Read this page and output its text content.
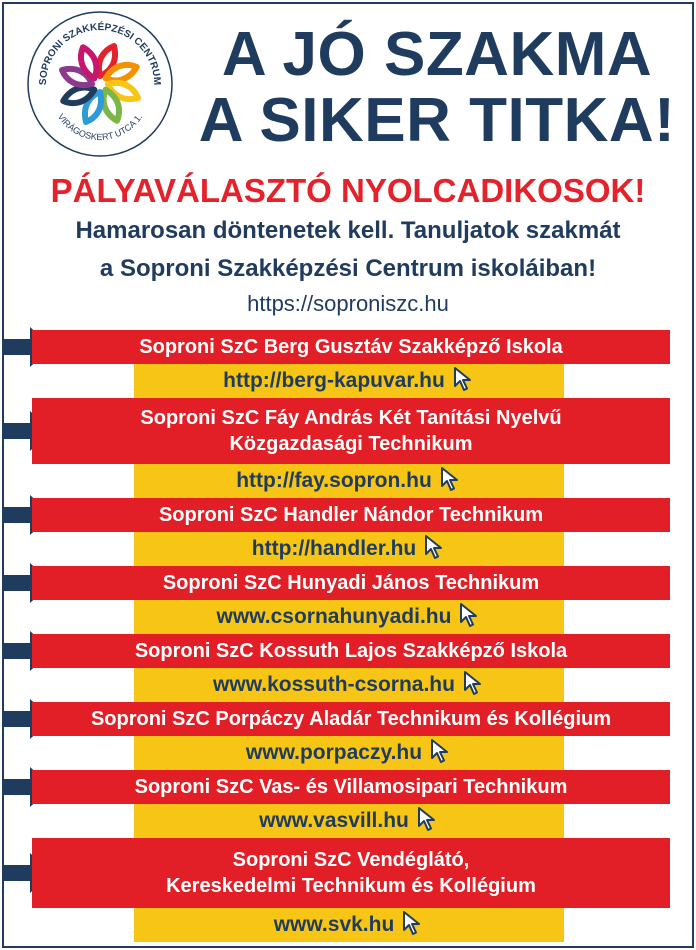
SOPRONI SZAKKÉPZÉSI CENTRUM
VIRÁGOSKERT UTCA 1.
A JÓ SZAKMA
A SIKER TITKA!
PÁLYAVÁLASZTÓ NYOLCADIKOSOK!
Hamarosan döntenetek kell. Tanuljatok szakmát
a Soproni Szakképzési Centrum iskoláiban!
https://soproniszc.hu
Soproni SzC Berg Gusztáv Szakképző Iskola
http://berg-kapuvar.hu
Soproni SzC Fáy András Két Tanítási Nyelvű
Közgazdasági Technikum
http://fay.sopron.hu
Soproni SzC Handler Nándor Technikum
http://handler.hu
Soproni SzC Hunyadi János Technikum
www.csornahunyadi.hu
Soproni SzC Kossuth Lajos Szakképző Iskola
www.kossuth-csorna.hu
Soproni SzC Porpáczy Aladár Technikum és Kollégium
www.porpaczy.hu
Soproni SzC Vas- és Villamosipari Technikum
www.vasvill.hu
Soproni SzC Vendéglátó,
Kereskedelmi Technikum és Kollégium
www.svk.hu
